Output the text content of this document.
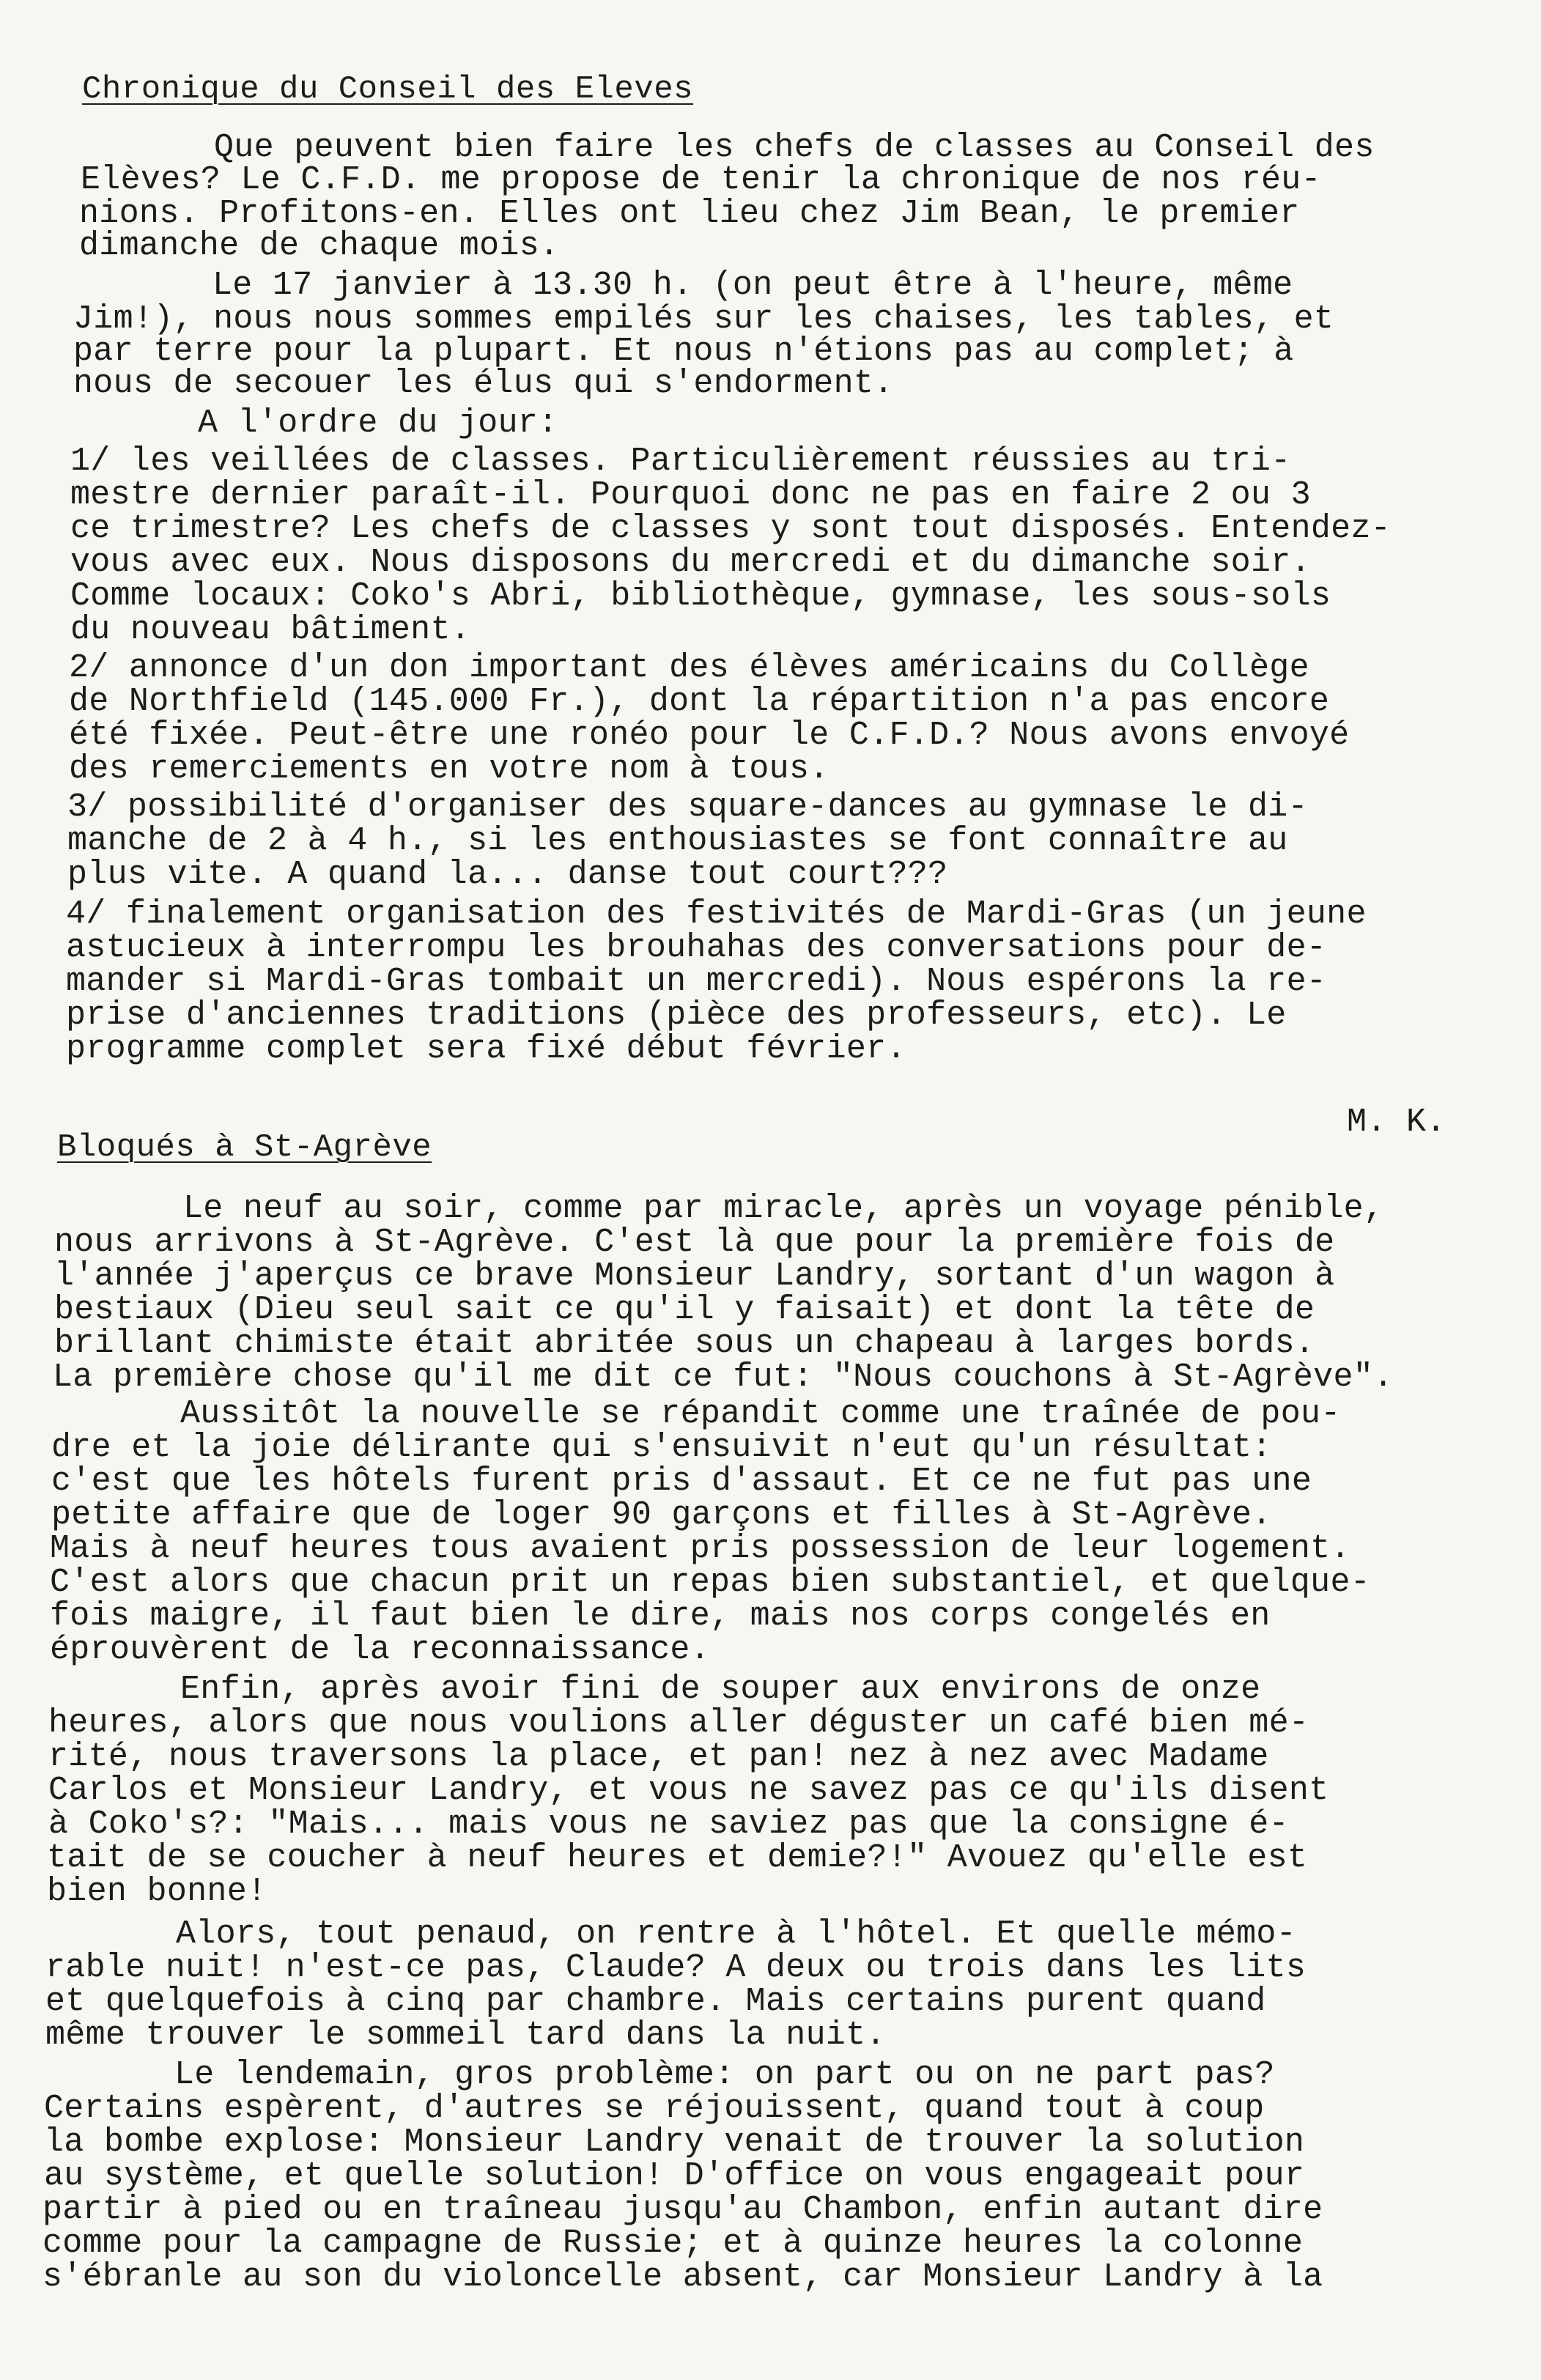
Chronique du Conseil des Eleves
Que peuvent bien faire les chefs de classes au Conseil des
Elèves? Le C.F.D. me propose de tenir la chronique de nos réu-
nions. Profitons-en. Elles ont lieu chez Jim Bean, le premier
dimanche de chaque mois.
Le 17 janvier à 13.30 h. (on peut être à l'heure, même
Jim!), nous nous sommes empilés sur les chaises, les tables, et
par terre pour la plupart. Et nous n'étions pas au complet; à
nous de secouer les élus qui s'endorment.
A l'ordre du jour:
1/ les veillées de classes. Particulièrement réussies au tri-
mestre dernier paraît-il. Pourquoi donc ne pas en faire 2 ou 3
ce trimestre? Les chefs de classes y sont tout disposés. Entendez-
vous avec eux. Nous disposons du mercredi et du dimanche soir.
Comme locaux: Coko's Abri, bibliothèque, gymnase, les sous-sols
du nouveau bâtiment.
2/ annonce d'un don important des élèves américains du Collège
de Northfield (145.000 Fr.), dont la répartition n'a pas encore
été fixée. Peut-être une ronéo pour le C.F.D.? Nous avons envoyé
des remerciements en votre nom à tous.
3/ possibilité d'organiser des square-dances au gymnase le di-
manche de 2 à 4 h., si les enthousiastes se font connaître au
plus vite. A quand la... danse tout court???
4/ finalement organisation des festivités de Mardi-Gras (un jeune
astucieux à interrompu les brouhahas des conversations pour de-
mander si Mardi-Gras tombait un mercredi). Nous espérons la re-
prise d'anciennes traditions (pièce des professeurs, etc). Le
programme complet sera fixé début février.
M. K.
Bloqués à St-Agrève
Le neuf au soir, comme par miracle, après un voyage pénible,
nous arrivons à St-Agrève. C'est là que pour la première fois de
l'année j'aperçus ce brave Monsieur Landry, sortant d'un wagon à
bestiaux (Dieu seul sait ce qu'il y faisait) et dont la tête de
brillant chimiste était abritée sous un chapeau à larges bords.
La première chose qu'il me dit ce fut: "Nous couchons à St-Agrève".
Aussitôt la nouvelle se répandit comme une traînée de pou-
dre et la joie délirante qui s'ensuivit n'eut qu'un résultat:
c'est que les hôtels furent pris d'assaut. Et ce ne fut pas une
petite affaire que de loger 90 garçons et filles à St-Agrève.
Mais à neuf heures tous avaient pris possession de leur logement.
C'est alors que chacun prit un repas bien substantiel, et quelque-
fois maigre, il faut bien le dire, mais nos corps congelés en
éprouvèrent de la reconnaissance.
Enfin, après avoir fini de souper aux environs de onze
heures, alors que nous voulions aller déguster un café bien mé-
rité, nous traversons la place, et pan! nez à nez avec Madame
Carlos et Monsieur Landry, et vous ne savez pas ce qu'ils disent
à Coko's?: "Mais... mais vous ne saviez pas que la consigne é-
tait de se coucher à neuf heures et demie?!" Avouez qu'elle est
bien bonne!
Alors, tout penaud, on rentre à l'hôtel. Et quelle mémo-
rable nuit! n'est-ce pas, Claude? A deux ou trois dans les lits
et quelquefois à cinq par chambre. Mais certains purent quand
même trouver le sommeil tard dans la nuit.
Le lendemain, gros problème: on part ou on ne part pas?
Certains espèrent, d'autres se réjouissent, quand tout à coup
la bombe explose: Monsieur Landry venait de trouver la solution
au système, et quelle solution! D'office on vous engageait pour
partir à pied ou en traîneau jusqu'au Chambon, enfin autant dire
comme pour la campagne de Russie; et à quinze heures la colonne
s'ébranle au son du violoncelle absent, car Monsieur Landry à la
